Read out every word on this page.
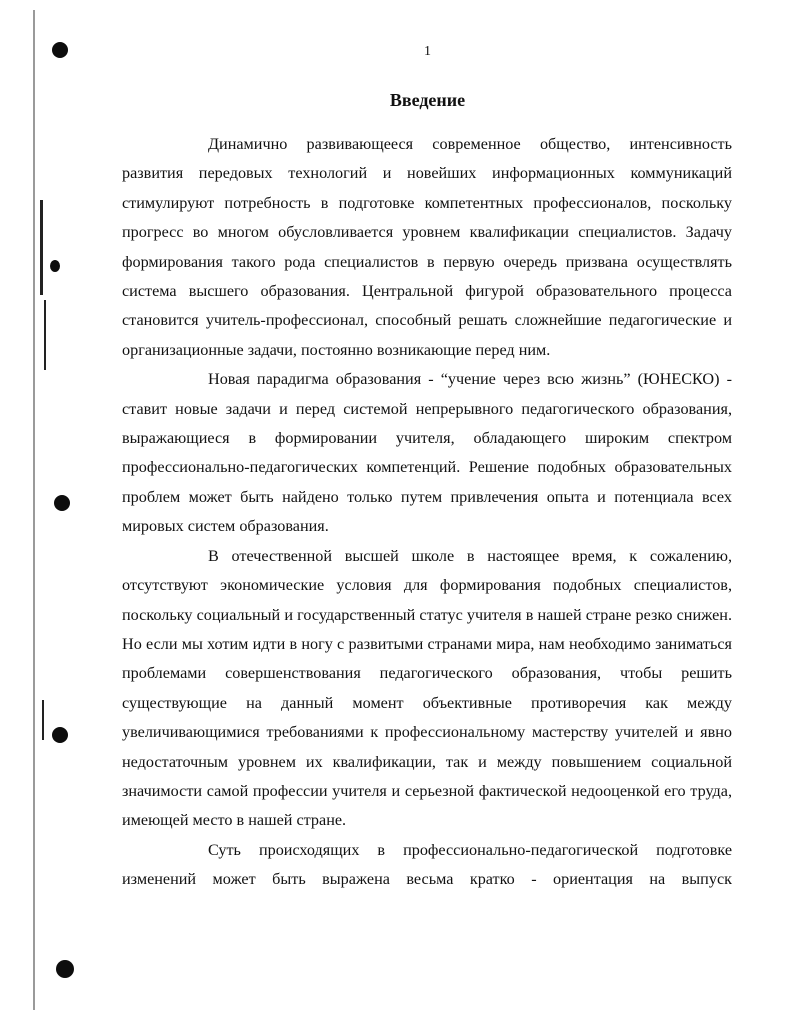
1

Введение

Динамично развивающееся современное общество, интенсивность развития передовых технологий и новейших информационных коммуникаций стимулируют потребность в подготовке компетентных профессионалов, поскольку прогресс во многом обусловливается уровнем квалификации специалистов. Задачу формирования такого рода специалистов в первую очередь призвана осуществлять система высшего образования. Центральной фигурой образовательного процесса становится учитель-профессионал, способный решать сложнейшие педагогические и организационные задачи, постоянно возникающие перед ним.

Новая парадигма образования - “учение через всю жизнь” (ЮНЕСКО) - ставит новые задачи и перед системой непрерывного педагогического образования, выражающиеся в формировании учителя, обладающего широким спектром профессионально-педагогических компетенций. Решение подобных образовательных проблем может быть найдено только путем привлечения опыта и потенциала всех мировых систем образования.

В отечественной высшей школе в настоящее время, к сожалению, отсутствуют экономические условия для формирования подобных специалистов, поскольку социальный и государственный статус учителя в нашей стране резко снижен. Но если мы хотим идти в ногу с развитыми странами мира, нам необходимо заниматься проблемами совершенствования педагогического образования, чтобы решить существующие на данный момент объективные противоречия как между увеличивающимися требованиями к профессиональному мастерству учителей и явно недостаточным уровнем их квалификации, так и между повышением социальной значимости самой профессии учителя и серьезной фактической недооценкой его труда, имеющей место в нашей стране.

Суть происходящих в профессионально-педагогической подготовке изменений может быть выражена весьма кратко - ориентация на выпуск
